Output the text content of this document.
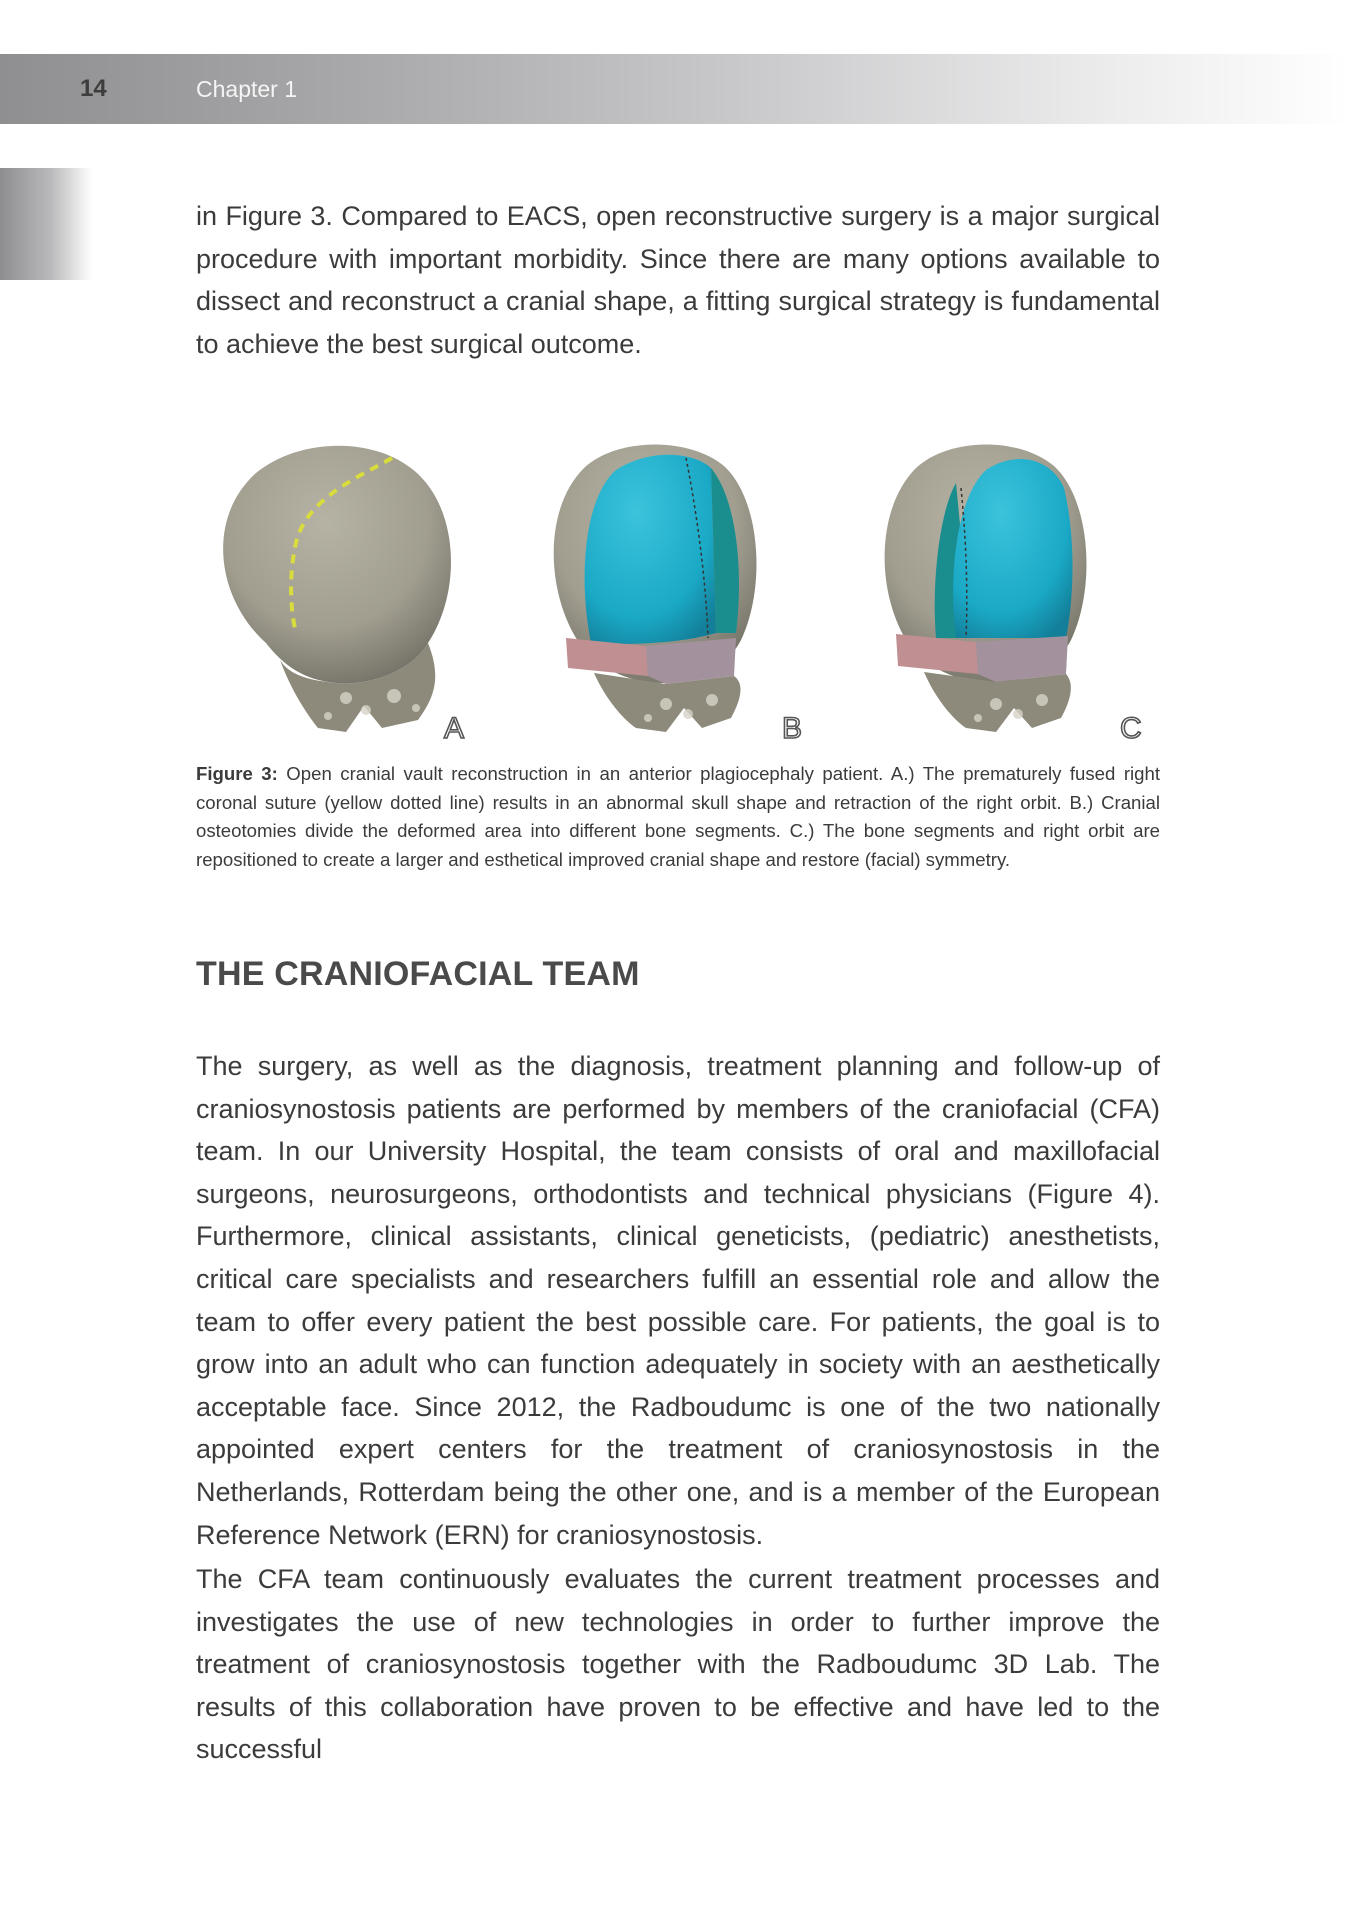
14	Chapter 1

in Figure 3. Compared to EACS, open reconstructive surgery is a major surgical procedure with important morbidity. Since there are many options available to dissect and reconstruct a cranial shape, a fitting surgical strategy is fundamental to achieve the best surgical outcome.

A	B	C
Figure 3: Open cranial vault reconstruction in an anterior plagiocephaly patient. A.) The prematurely fused right coronal suture (yellow dotted line) results in an abnormal skull shape and retraction of the right orbit. B.) Cranial osteotomies divide the deformed area into different bone segments. C.) The bone segments and right orbit are repositioned to create a larger and esthetical improved cranial shape and restore (facial) symmetry.
THE CRANIOFACIAL TEAM

The surgery, as well as the diagnosis, treatment planning and follow-up of craniosynostosis patients are performed by members of the craniofacial (CFA) team. In our University Hospital, the team consists of oral and maxillofacial surgeons, neurosurgeons, orthodontists and technical physicians (Figure 4). Furthermore, clinical assistants, clinical geneticists, (pediatric) anesthetists, critical care specialists and researchers fulfill an essential role and allow the team to offer every patient the best possible care. For patients, the goal is to grow into an adult who can function adequately in society with an aesthetically acceptable face. Since 2012, the Radboudumc is one of the two nationally appointed expert centers for the treatment of craniosynostosis in the Netherlands, Rotterdam being the other one, and is a member of the European Reference Network (ERN) for craniosynostosis.

The CFA team continuously evaluates the current treatment processes and investigates the use of new technologies in order to further improve the treatment of craniosynostosis together with the Radboudumc 3D Lab. The results of this collaboration have proven to be effective and have led to the successful
